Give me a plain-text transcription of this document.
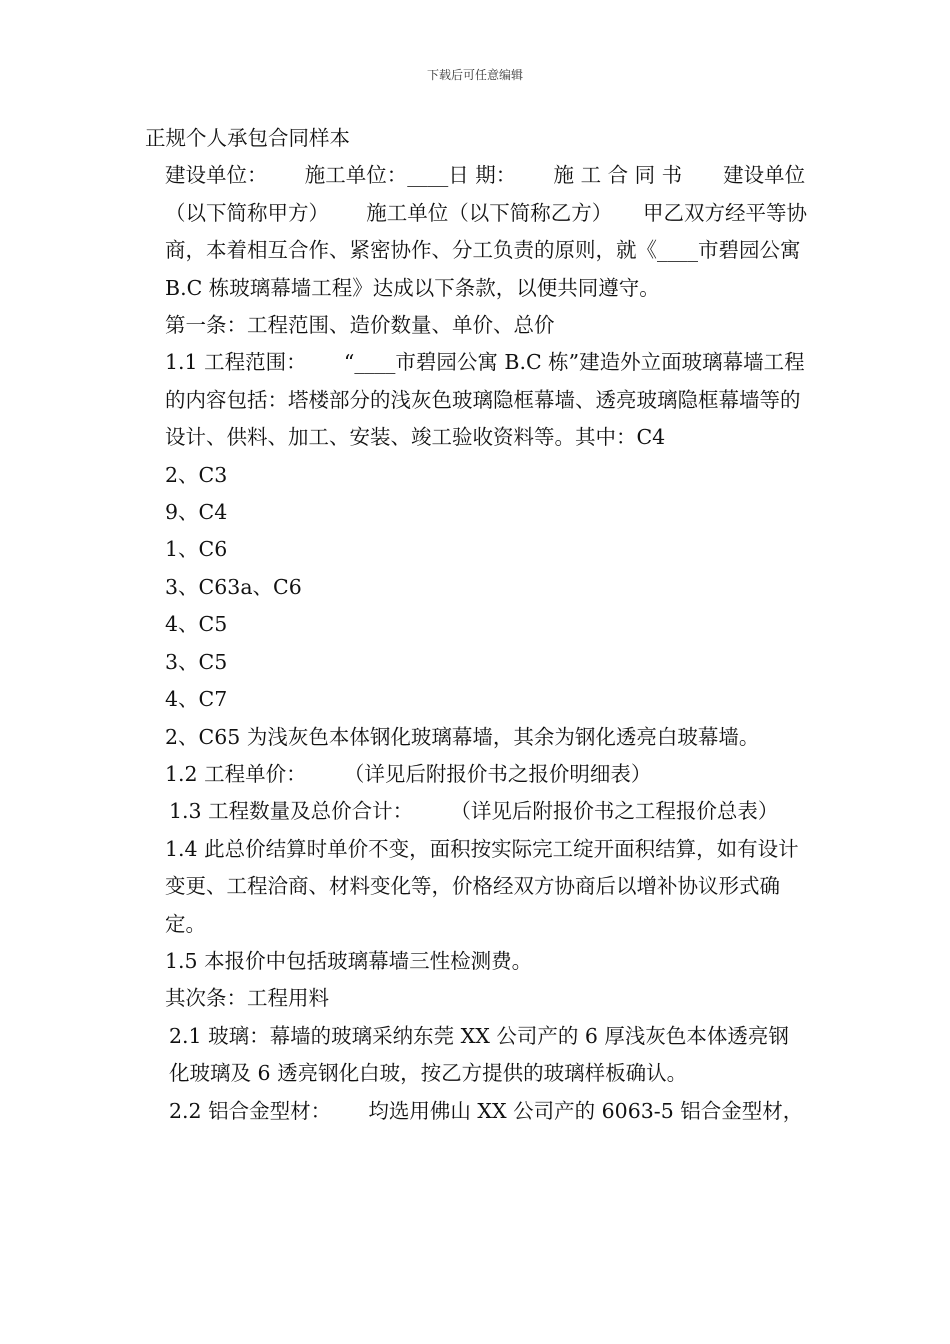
下载后可任意编辑

正规个人承包合同样本

建设单位：　　 施工单位：____日 期：　　 施 工 合 同 书　　建设单位（以下简称甲方）　　 施工单位（以下简称乙方）　　甲乙双方经平等协商，本着相互合作、紧密协作、分工负责的原则，就《____市碧园公寓 B.C 栋玻璃幕墙工程》达成以下条款，以便共同遵守。

第一条：工程范围、造价数量、单价、总价

1.1 工程范围：　　 “____市碧园公寓 B.C 栋”建造外立面玻璃幕墙工程的内容包括：塔楼部分的浅灰色玻璃隐框幕墙、透亮玻璃隐框幕墙等的设计、供料、加工、安装、竣工验收资料等。其中：C4

2、C3

9、C4

1、C6

3、C63a、C6

4、C5

3、C5

4、C7

2、C65 为浅灰色本体钢化玻璃幕墙，其余为钢化透亮白玻幕墙。

1.2 工程单价：　　 （详见后附报价书之报价明细表）

1.3 工程数量及总价合计：　　 （详见后附报价书之工程报价总表）

1.4 此总价结算时单价不变，面积按实际完工绽开面积结算，如有设计变更、工程洽商、材料变化等，价格经双方协商后以增补协议形式确定。

1.5 本报价中包括玻璃幕墙三性检测费。

其次条：工程用料

2.1 玻璃：幕墙的玻璃采纳东莞 XX 公司产的 6 厚浅灰色本体透亮钢化玻璃及 6 透亮钢化白玻，按乙方提供的玻璃样板确认。

2.2 铝合金型材：　　 均选用佛山 XX 公司产的 6063-5 铝合金型材，
